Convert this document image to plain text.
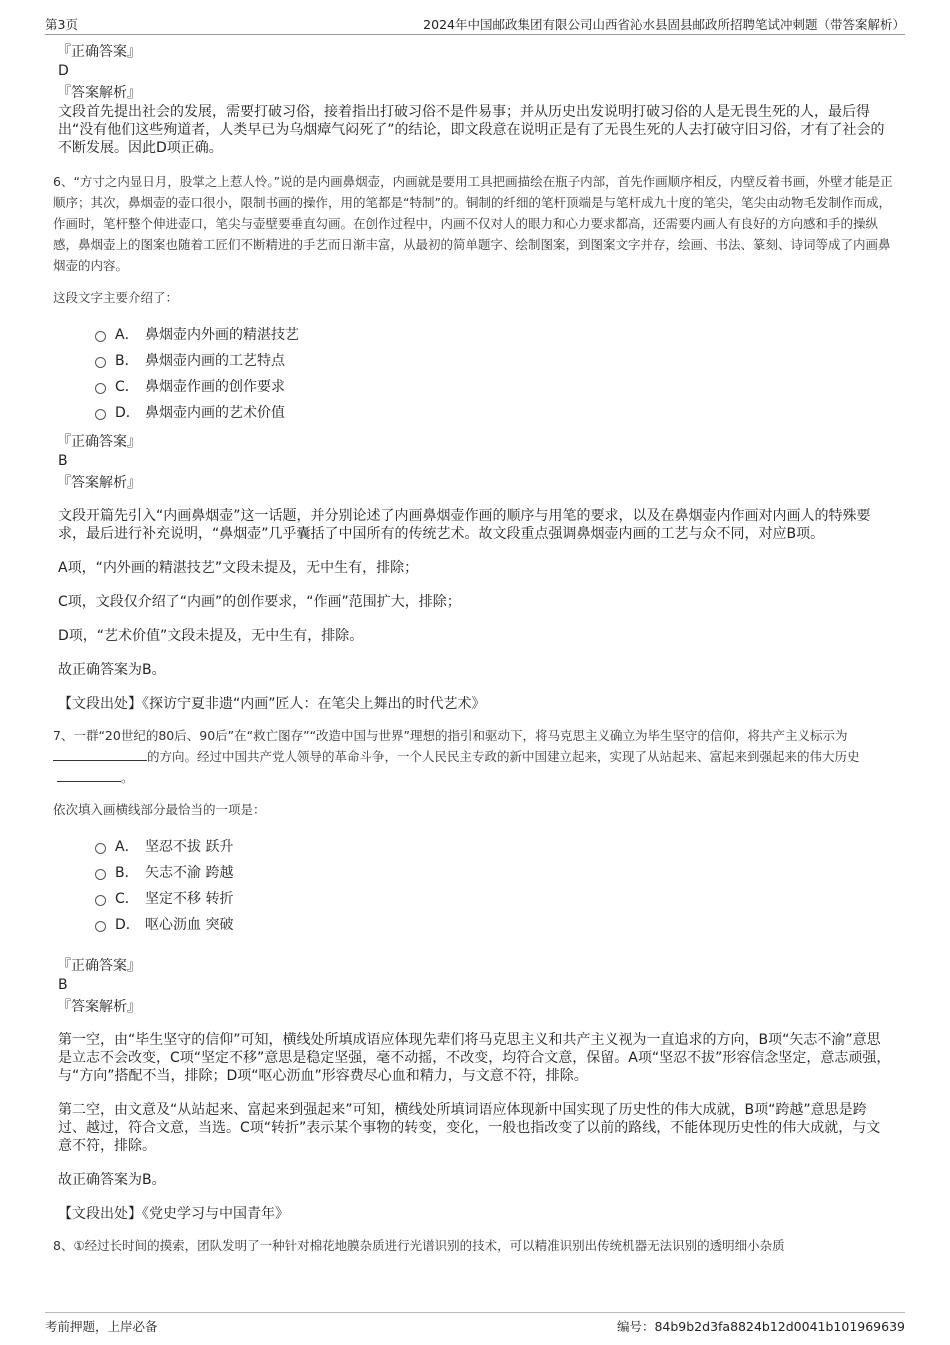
第3页	2024年中国邮政集团有限公司山西省沁水县固县邮政所招聘笔试冲刺题（带答案解析）
『正确答案』
D
『答案解析』
文段首先提出社会的发展，需要打破习俗，接着指出打破习俗不是件易事；并从历史出发说明打破习俗的人是无畏生死的人，最后得出“没有他们这些殉道者，人类早已为乌烟瘴气闷死了”的结论，即文段意在说明正是有了无畏生死的人去打破守旧习俗，才有了社会的不断发展。因此D项正确。
6、“方寸之内显日月，股掌之上惹人怜。”说的是内画鼻烟壶，内画就是要用工具把画描绘在瓶子内部，首先作画顺序相反，内壁反着书画，外壁才能是正顺序；其次，鼻烟壶的壶口很小，限制书画的操作，用的笔都是“特制”的。铜制的纤细的笔杆顶端是与笔杆成九十度的笔尖，笔尖由动物毛发制作而成，作画时，笔杆整个伸进壶口，笔尖与壶壁要垂直勾画。在创作过程中，内画不仅对人的眼力和心力要求都高，还需要内画人有良好的方向感和手的操纵感，鼻烟壶上的图案也随着工匠们不断精进的手艺而日渐丰富，从最初的简单题字、绘制图案，到图案文字并存，绘画、书法、篆刻、诗词等成了内画鼻烟壶的内容。
这段文字主要介绍了：
A． 鼻烟壶内外画的精湛技艺
B． 鼻烟壶内画的工艺特点
C． 鼻烟壶作画的创作要求
D． 鼻烟壶内画的艺术价值
『正确答案』
B
『答案解析』
文段开篇先引入“内画鼻烟壶”这一话题，并分别论述了内画鼻烟壶作画的顺序与用笔的要求，以及在鼻烟壶内作画对内画人的特殊要求，最后进行补充说明，“鼻烟壶”几乎囊括了中国所有的传统艺术。故文段重点强调鼻烟壶内画的工艺与众不同，对应B项。
A项，“内外画的精湛技艺”文段未提及，无中生有，排除；
C项，文段仅介绍了“内画”的创作要求，“作画”范围扩大，排除；
D项，“艺术价值”文段未提及，无中生有，排除。
故正确答案为B。
【文段出处】《探访宁夏非遗“内画”匠人：在笔尖上舞出的时代艺术》
7、一群“20世纪的80后、90后”在“救亡图存”“改造中国与世界”理想的指引和驱动下，将马克思主义确立为毕生坚守的信仰，将共产主义标示为的方向。经过中国共产党人领导的革命斗争，一个人民民主专政的新中国建立起来，实现了从站起来、富起来到强起来的伟大历史。
依次填入画横线部分最恰当的一项是：
A． 坚忍不拔 跃升
B． 矢志不渝 跨越
C． 坚定不移 转折
D． 呕心沥血 突破
『正确答案』
B
『答案解析』
第一空，由“毕生坚守的信仰”可知，横线处所填成语应体现先辈们将马克思主义和共产主义视为一直追求的方向，B项“矢志不渝”意思是立志不会改变，C项“坚定不移”意思是稳定坚强，毫不动摇，不改变，均符合文意，保留。A项“坚忍不拔”形容信念坚定，意志顽强，与“方向”搭配不当，排除；D项“呕心沥血”形容费尽心血和精力，与文意不符，排除。
第二空，由文意及“从站起来、富起来到强起来”可知，横线处所填词语应体现新中国实现了历史性的伟大成就，B项“跨越”意思是跨过、越过，符合文意，当选。C项“转折”表示某个事物的转变，变化，一般也指改变了以前的路线，不能体现历史性的伟大成就，与文意不符，排除。
故正确答案为B。
【文段出处】《党史学习与中国青年》
8、①经过长时间的摸索，团队发明了一种针对棉花地膜杂质进行光谱识别的技术，可以精准识别出传统机器无法识别的透明细小杂质
考前押题，上岸必备	编号：84b9b2d3fa8824b12d0041b101969639
